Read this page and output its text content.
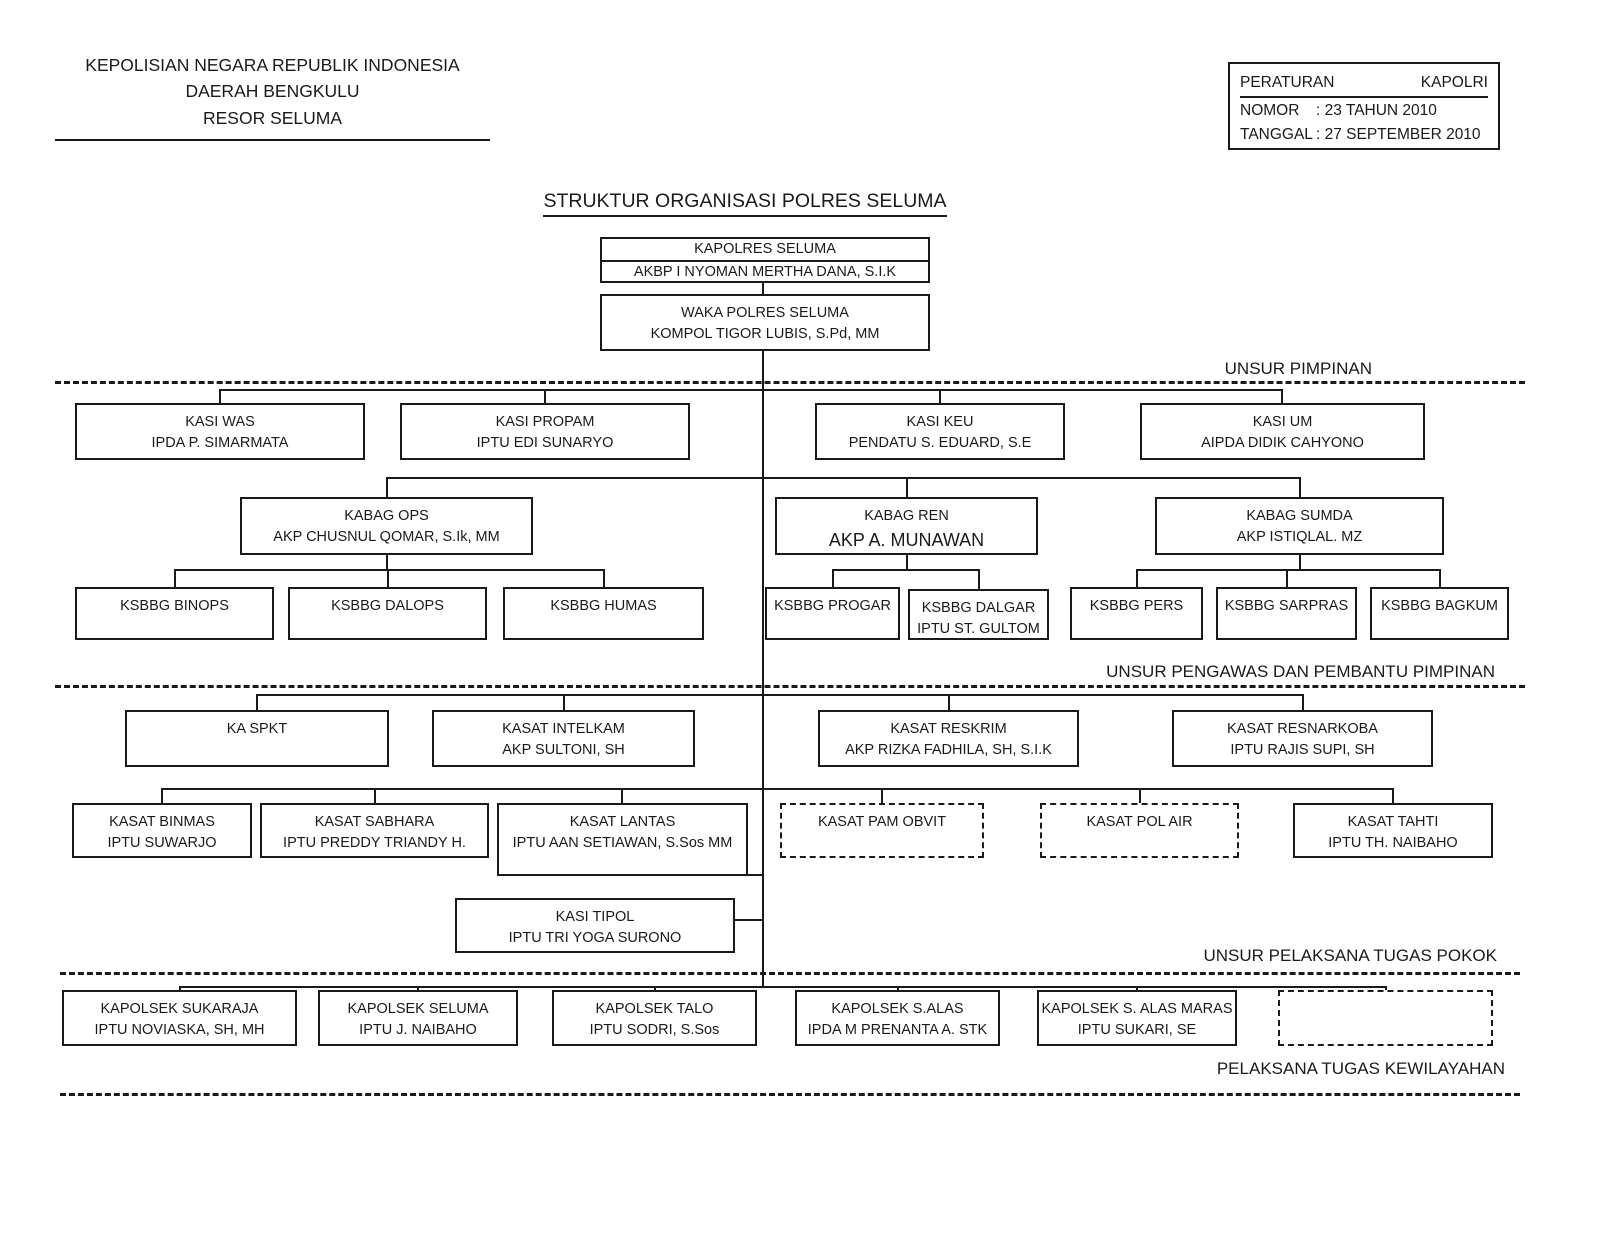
KEPOLISIAN NEGARA REPUBLIK INDONESIA
DAERAH BENGKULU
RESOR SELUMA
PERATURAN	KAPOLRI
NOMOR	: 23 TAHUN 2010
TANGGAL : 27 SEPTEMBER 2010
STRUKTUR ORGANISASI POLRES SELUMA
UNSUR PIMPINAN
UNSUR PENGAWAS DAN PEMBANTU PIMPINAN
UNSUR PELAKSANA TUGAS POKOK
PELAKSANA TUGAS KEWILAYAHAN
KAPOLRES SELUMA
AKBP I NYOMAN MERTHA DANA, S.I.K
WAKA POLRES SELUMA
KOMPOL TIGOR LUBIS, S.Pd, MM
KASI WAS
IPDA P. SIMARMATA
KASI PROPAM
IPTU EDI SUNARYO
KASI KEU
PENDATU S. EDUARD, S.E
KASI UM
AIPDA DIDIK CAHYONO
KABAG OPS
AKP CHUSNUL QOMAR, S.Ik, MM
KABAG REN
AKP A. MUNAWAN
KABAG SUMDA
AKP ISTIQLAL. MZ
KSBBG BINOPS	KSBBG DALOPS	KSBBG HUMAS	KSBBG PROGAR KSBBG DALGAR
IPTU ST. GULTOM
KSBBG PERS	KSBBG SARPRAS KSBBG BAGKUM
KA SPKT	KASAT INTELKAM
AKP SULTONI, SH
KASAT RESKRIM
AKP RIZKA FADHILA, SH, S.I.K
KASAT RESNARKOBA
IPTU RAJIS SUPI, SH
KASAT BINMAS
IPTU SUWARJO
KASAT SABHARA
IPTU PREDDY TRIANDY H.
KASAT LANTAS
IPTU AAN SETIAWAN, S.Sos MM
KASAT PAM OBVIT	KASAT POL AIR	KASAT TAHTI
IPTU TH. NAIBAHO
KASI TIPOL
IPTU TRI YOGA SURONO
KAPOLSEK SUKARAJA
IPTU NOVIASKA, SH, MH
KAPOLSEK SELUMA
IPTU J. NAIBAHO
KAPOLSEK TALO
IPTU SODRI, S.Sos
KAPOLSEK S.ALAS
IPDA M PRENANTA A. STK
KAPOLSEK S. ALAS MARAS
IPTU SUKARI, SE
